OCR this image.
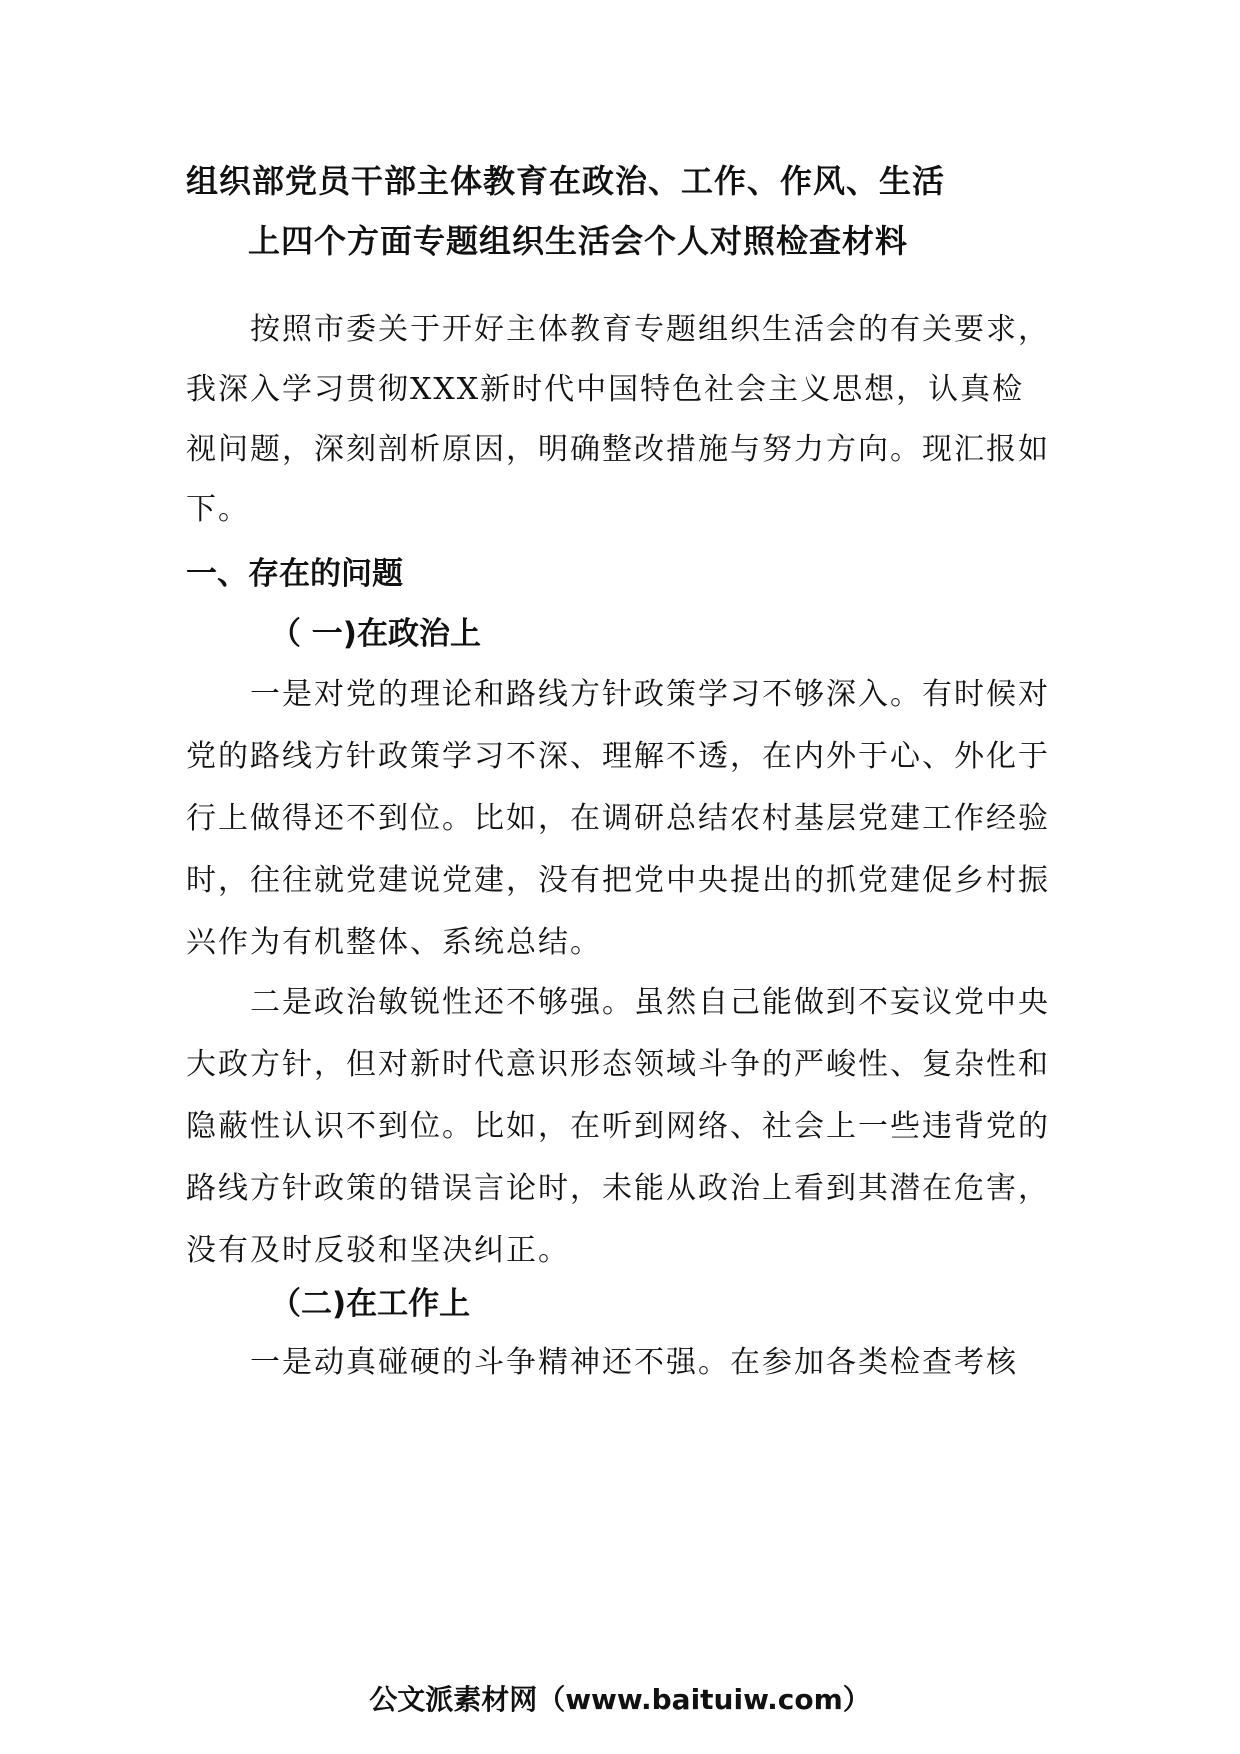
组织部党员干部主体教育在政治、工作、作风、生活
上四个方面专题组织生活会个人对照检查材料

按照市委关于开好主体教育专题组织生活会的有关要求，我深入学习贯彻XXX新时代中国特色社会主义思想，认真检视问题，深刻剖析原因，明确整改措施与努力方向。现汇报如下。

一、存在的问题
（ 一)在政治上

一是对党的理论和路线方针政策学习不够深入。有时候对党的路线方针政策学习不深、理解不透，在内外于心、外化于行上做得还不到位。比如，在调研总结农村基层党建工作经验时，往往就党建说党建，没有把党中央提出的抓党建促乡村振兴作为有机整体、系统总结。

二是政治敏锐性还不够强。虽然自己能做到不妄议党中央大政方针，但对新时代意识形态领域斗争的严峻性、复杂性和隐蔽性认识不到位。比如，在听到网络、社会上一些违背党的路线方针政策的错误言论时，未能从政治上看到其潜在危害，没有及时反驳和坚决纠正。

（二)在工作上

一是动真碰硬的斗争精神还不强。在参加各类检查考核

公文派素材网（www.baituiw.com）
